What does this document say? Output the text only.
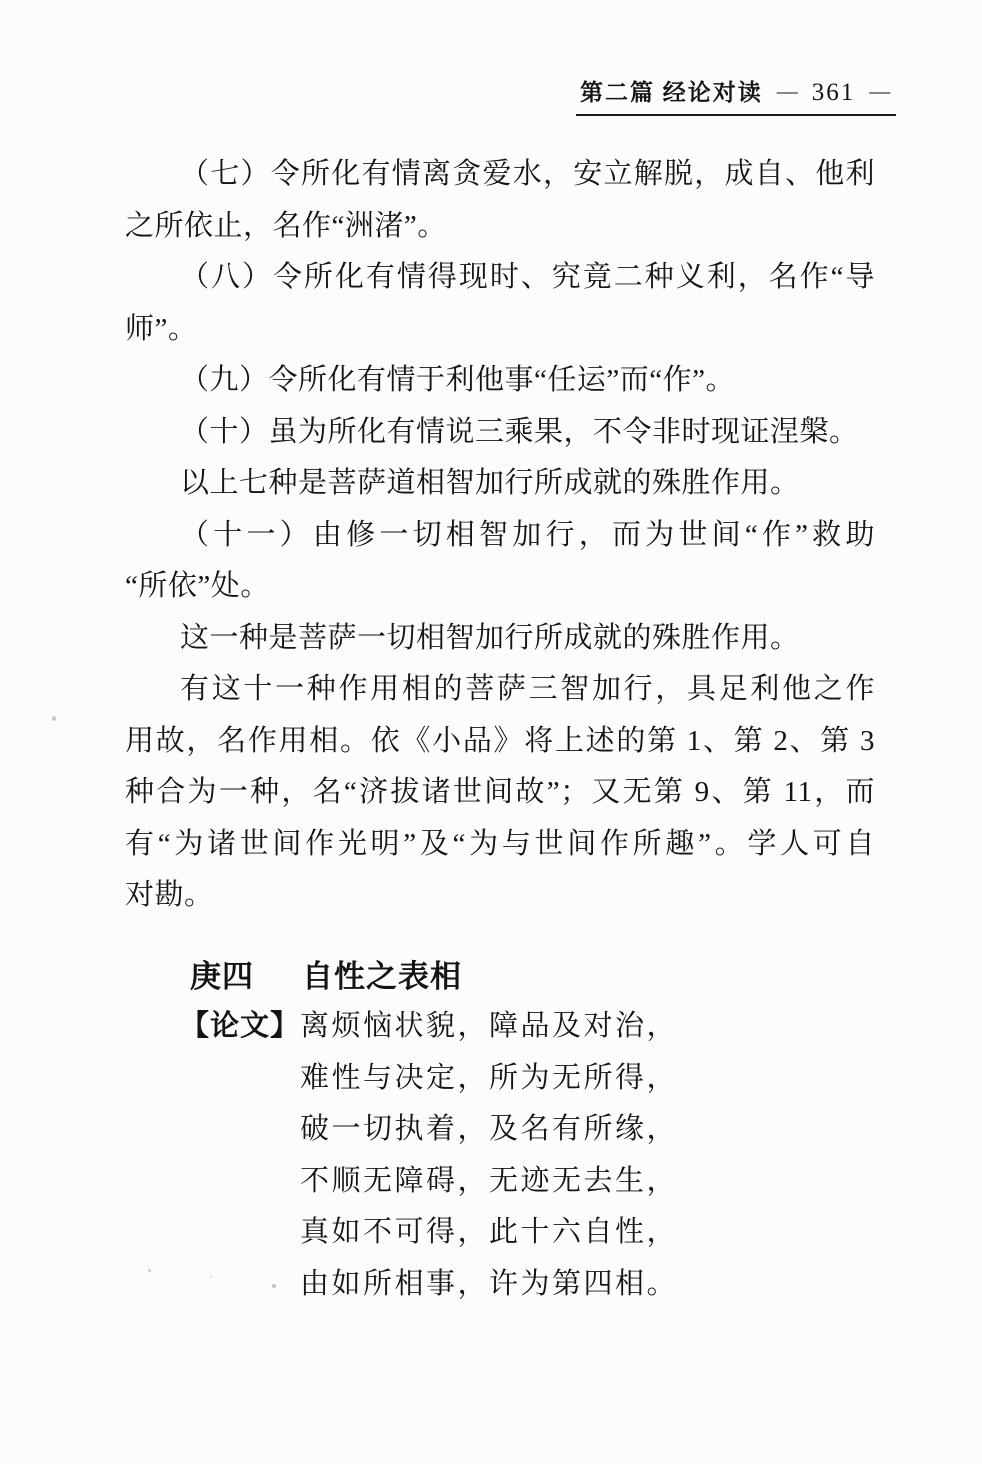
第二篇 经论对读 — 361 —
（七）令所化有情离贪爱水，安立解脱，成自、他利
之所依止，名作“洲渚”。
（八）令所化有情得现时、究竟二种义利，名作“导
师”。
（九）令所化有情于利他事“任运”而“作”。
（十）虽为所化有情说三乘果，不令非时现证涅槃。
以上七种是菩萨道相智加行所成就的殊胜作用。
（十一）由修一切相智加行，而为世间“作”救助
“所依”处。
这一种是菩萨一切相智加行所成就的殊胜作用。
有这十一种作用相的菩萨三智加行，具足利他之作
用故，名作用相。依《小品》将上述的第 1、第 2、第 3
种合为一种，名“济拔诸世间故”；又无第 9、第 11，而
有“为诸世间作光明”及“为与世间作所趣”。学人可自
对勘。
庚四 自性之表相
【论文】 离烦恼状貌，障品及对治，
难性与决定，所为无所得，
破一切执着，及名有所缘，
不顺无障碍，无迹无去生，
真如不可得，此十六自性，
由如所相事，许为第四相。
